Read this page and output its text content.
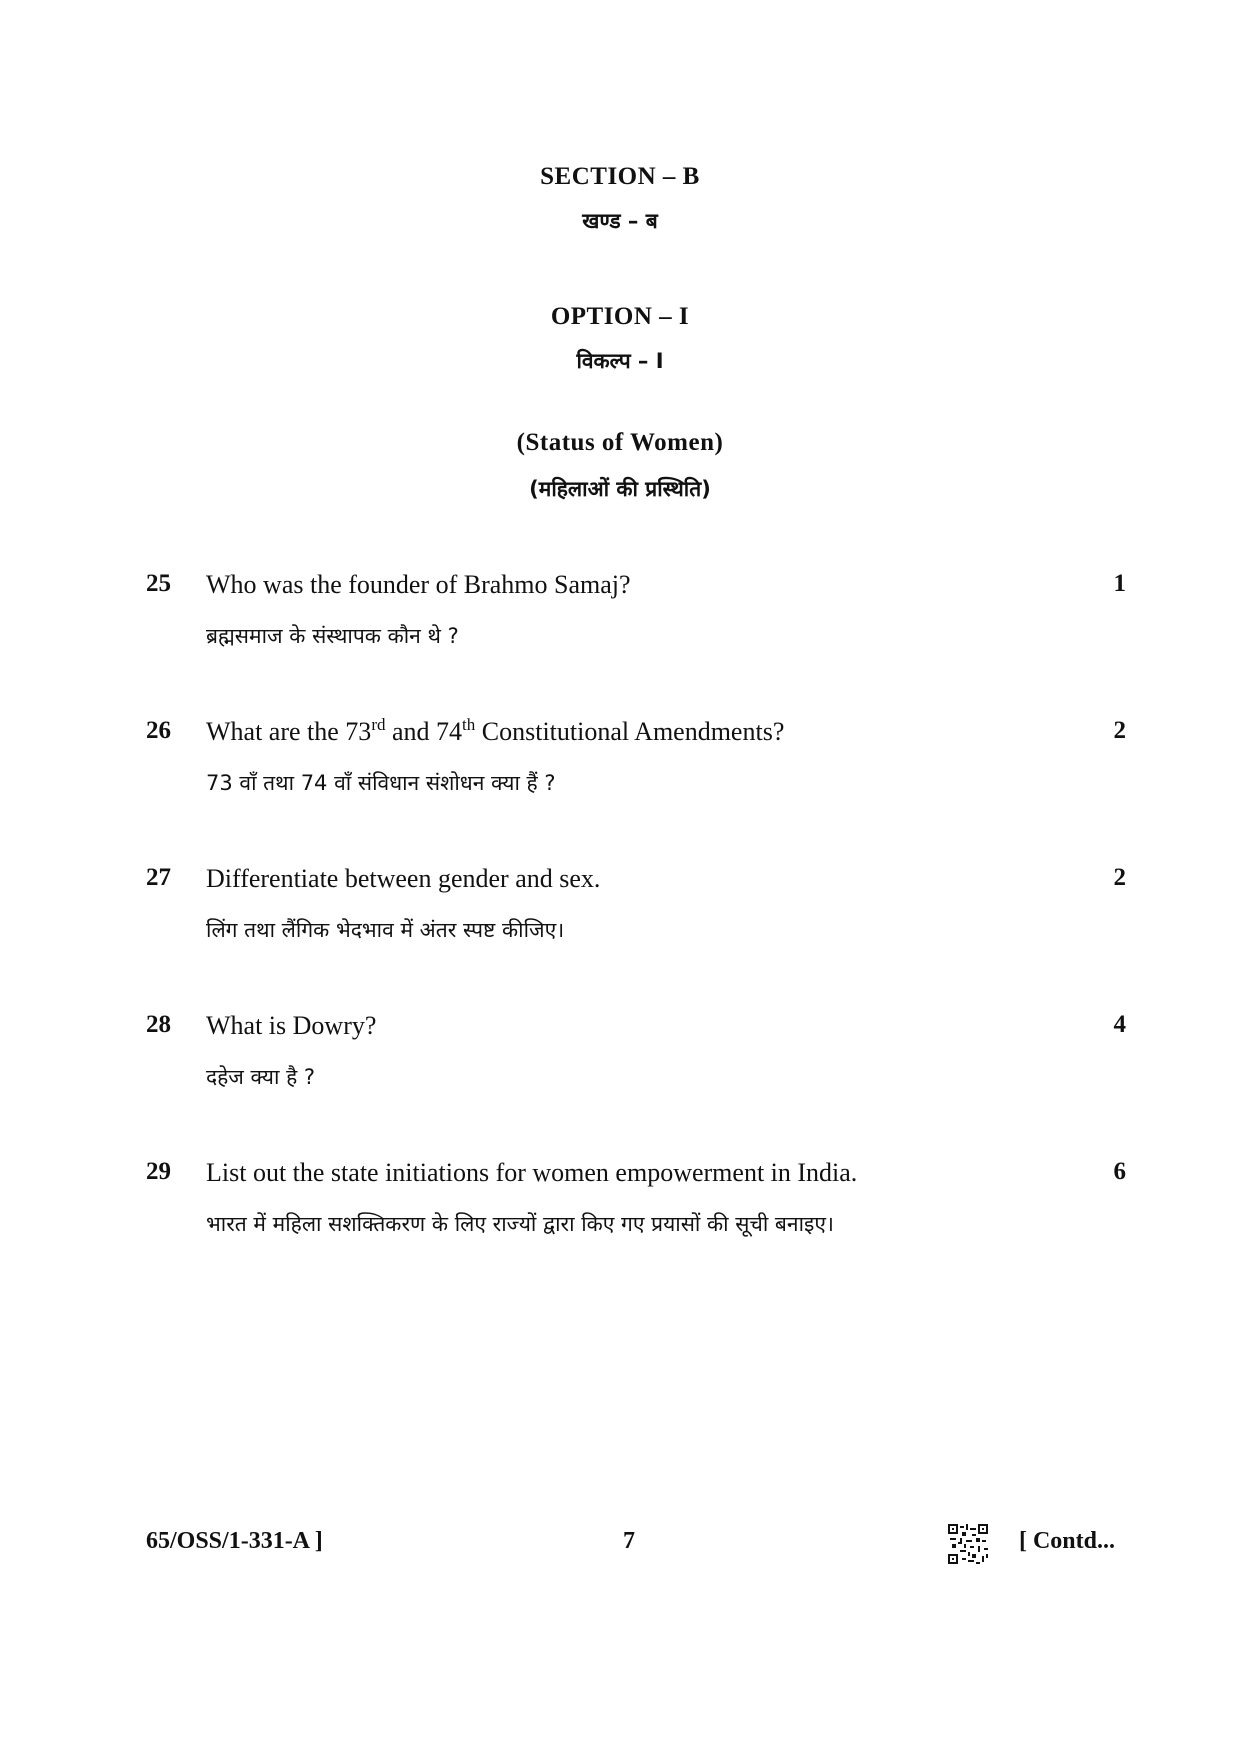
SECTION – B
खण्ड – ब
OPTION – I
विकल्प – I
(Status of Women)
(महिलाओं की प्रस्थिति)
25 Who was the founder of Brahmo Samaj?
ब्रह्मसमाज के संस्थापक कौन थे ?
1
26 What are the 73rd and 74th Constitutional Amendments?
73 वाँ तथा 74 वाँ संविधान संशोधन क्या हैं ?
2
27 Differentiate between gender and sex.
लिंग तथा लैंगिक भेदभाव में अंतर स्पष्ट कीजिए।
2
28 What is Dowry?
दहेज क्या है ?
4
29 List out the state initiations for women empowerment in India.
भारत में महिला सशक्तिकरण के लिए राज्यों द्वारा किए गए प्रयासों की सूची बनाइए।
6
65/OSS/1-331-A ]	7	[ Contd...
